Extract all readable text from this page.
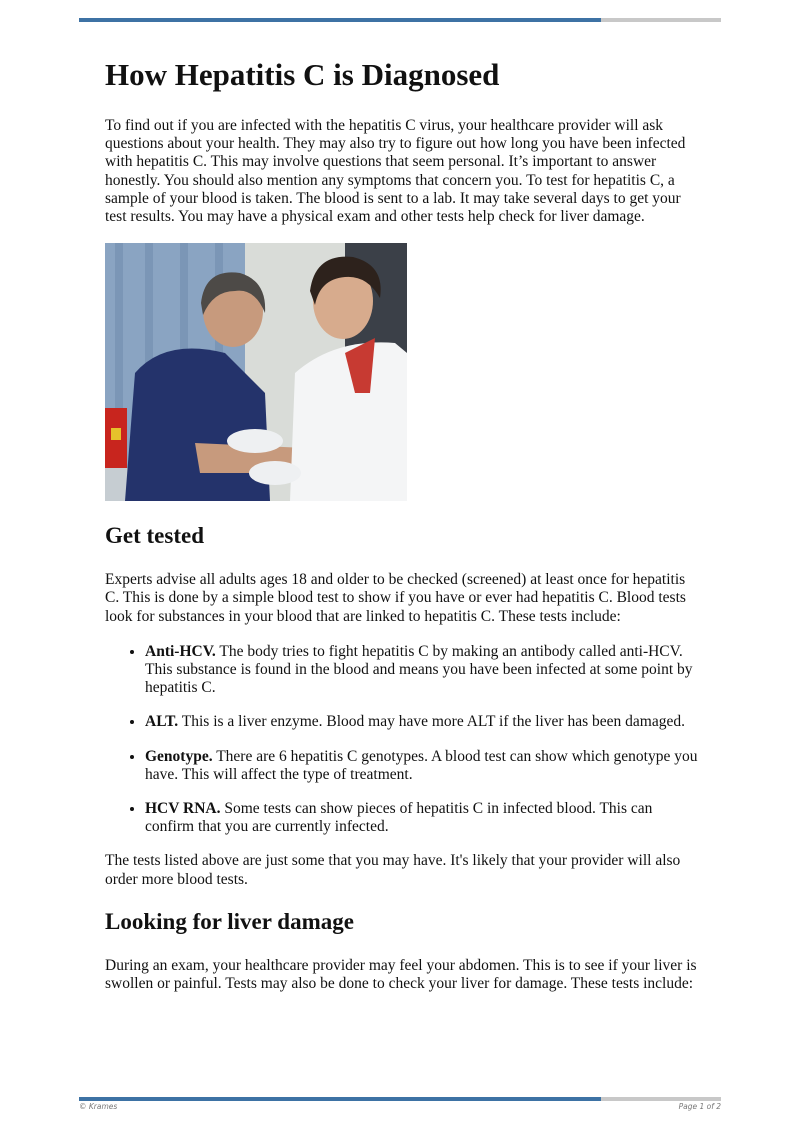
How Hepatitis C is Diagnosed

To find out if you are infected with the hepatitis C virus, your healthcare provider will ask questions about your health. They may also try to figure out how long you have been infected with hepatitis C. This may involve questions that seem personal. It’s important to answer honestly. You should also mention any symptoms that concern you. To test for hepatitis C, a sample of your blood is taken. The blood is sent to a lab. It may take several days to get your test results. You may have a physical exam and other tests help check for liver damage.

Get tested

Experts advise all adults ages 18 and older to be checked (screened) at least once for hepatitis C. This is done by a simple blood test to show if you have or ever had hepatitis C. Blood tests look for substances in your blood that are linked to hepatitis C. These tests include:

• Anti-HCV. The body tries to fight hepatitis C by making an antibody called anti-HCV. This substance is found in the blood and means you have been infected at some point by hepatitis C.
• ALT. This is a liver enzyme. Blood may have more ALT if the liver has been damaged.
• Genotype. There are 6 hepatitis C genotypes. A blood test can show which genotype you have. This will affect the type of treatment.
• HCV RNA. Some tests can show pieces of hepatitis C in infected blood. This can confirm that you are currently infected.

The tests listed above are just some that you may have. It's likely that your provider will also order more blood tests.

Looking for liver damage

During an exam, your healthcare provider may feel your abdomen. This is to see if your liver is swollen or painful. Tests may also be done to check your liver for damage. These tests include:

© Krames	Page 1 of 2
